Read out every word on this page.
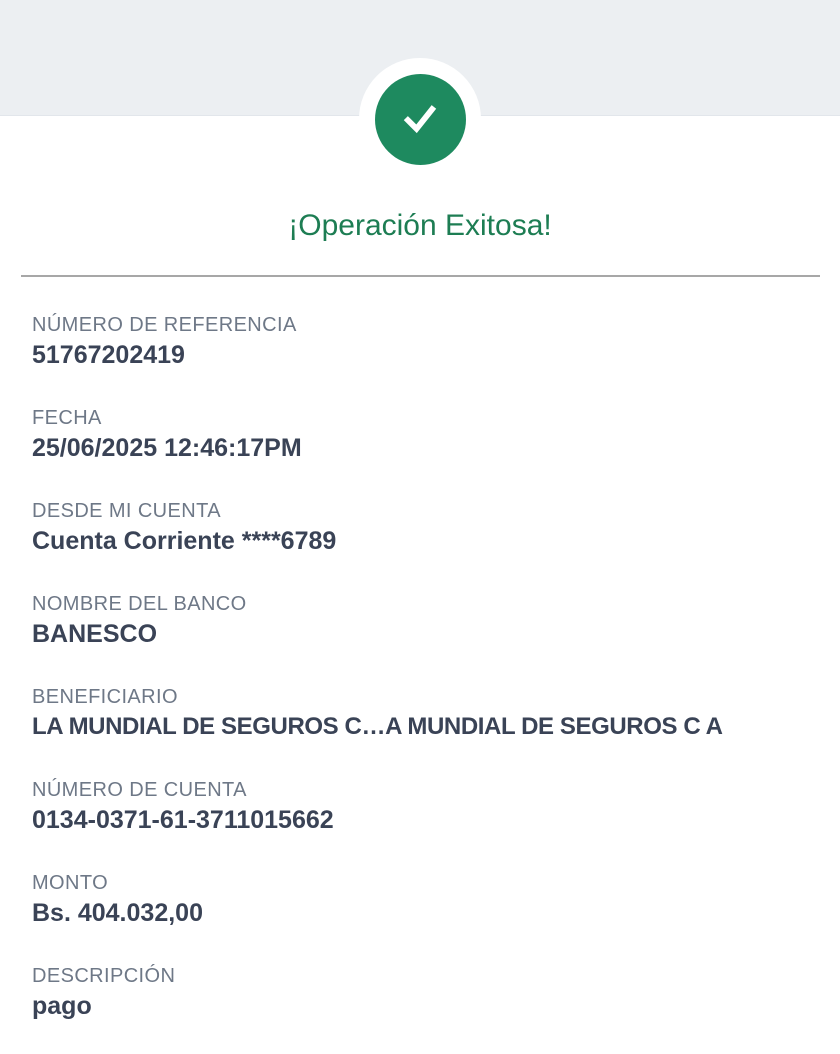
¡Operación Exitosa!
NÚMERO DE REFERENCIA
51767202419
FECHA
25/06/2025 12:46:17PM
DESDE MI CUENTA
Cuenta Corriente ****6789
NOMBRE DEL BANCO
BANESCO
BENEFICIARIO
LA MUNDIAL DE SEGUROS C…A MUNDIAL DE SEGUROS C A
NÚMERO DE CUENTA
0134-0371-61-3711015662
MONTO
Bs. 404.032,00
DESCRIPCIÓN
pago
